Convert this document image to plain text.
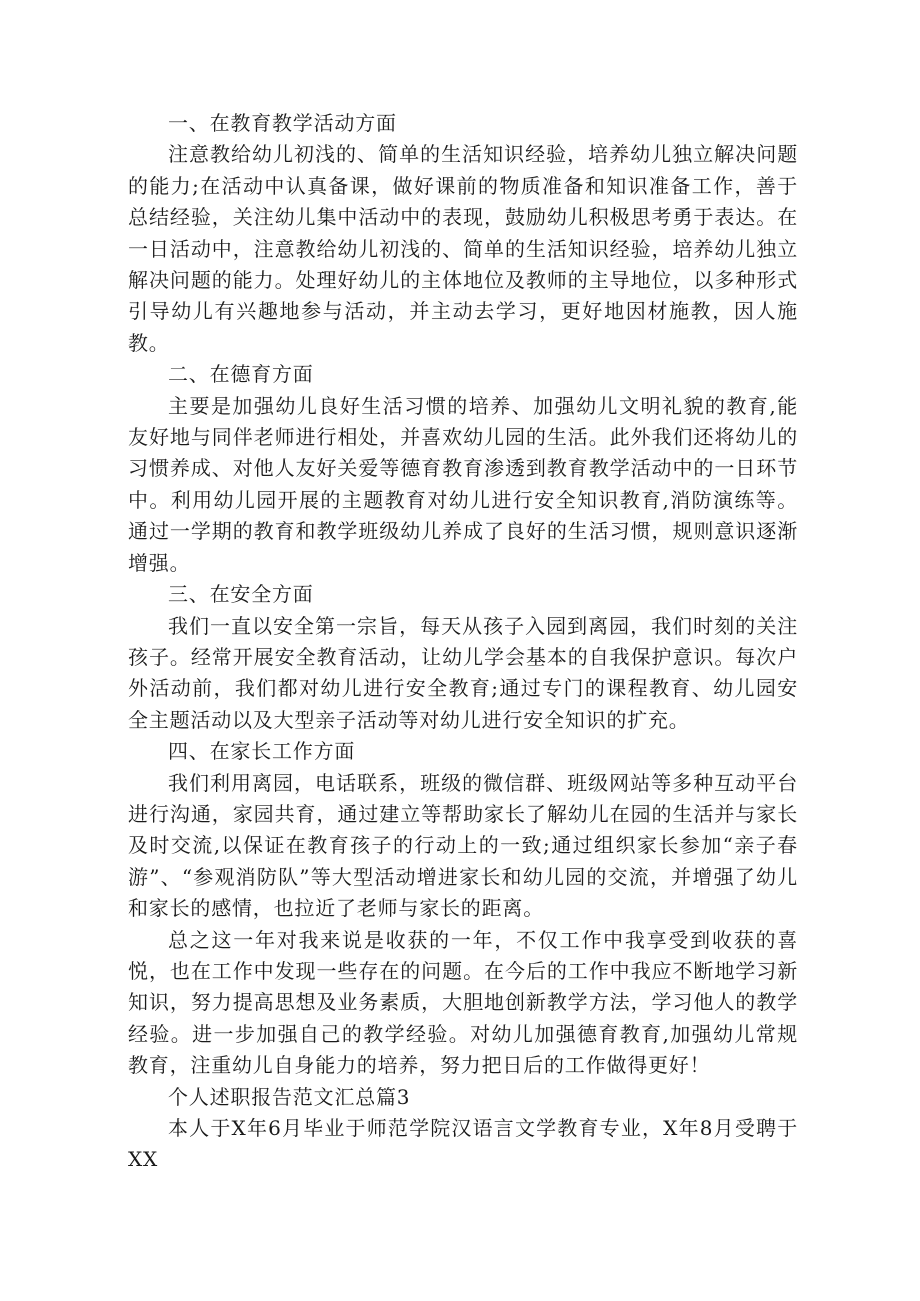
一、在教育教学活动方面

注意教给幼儿初浅的、简单的生活知识经验，培养幼儿独立解决问题的能力;在活动中认真备课，做好课前的物质准备和知识准备工作，善于总结经验，关注幼儿集中活动中的表现，鼓励幼儿积极思考勇于表达。在一日活动中，注意教给幼儿初浅的、简单的生活知识经验，培养幼儿独立解决问题的能力。处理好幼儿的主体地位及教师的主导地位，以多种形式引导幼儿有兴趣地参与活动，并主动去学习，更好地因材施教，因人施教。

二、在德育方面

主要是加强幼儿良好生活习惯的培养、加强幼儿文明礼貌的教育,能友好地与同伴老师进行相处，并喜欢幼儿园的生活。此外我们还将幼儿的习惯养成、对他人友好关爱等德育教育渗透到教育教学活动中的一日环节中。利用幼儿园开展的主题教育对幼儿进行安全知识教育,消防演练等。通过一学期的教育和教学班级幼儿养成了良好的生活习惯，规则意识逐渐增强。

三、在安全方面

我们一直以安全第一宗旨，每天从孩子入园到离园，我们时刻的关注孩子。经常开展安全教育活动，让幼儿学会基本的自我保护意识。每次户外活动前，我们都对幼儿进行安全教育;通过专门的课程教育、幼儿园安全主题活动以及大型亲子活动等对幼儿进行安全知识的扩充。

四、在家长工作方面

我们利用离园，电话联系，班级的微信群、班级网站等多种互动平台进行沟通，家园共育，通过建立等帮助家长了解幼儿在园的生活并与家长及时交流,以保证在教育孩子的行动上的一致;通过组织家长参加“亲子春游”、“参观消防队”等大型活动增进家长和幼儿园的交流，并增强了幼儿和家长的感情，也拉近了老师与家长的距离。

总之这一年对我来说是收获的一年，不仅工作中我享受到收获的喜悦，也在工作中发现一些存在的问题。在今后的工作中我应不断地学习新知识，努力提高思想及业务素质，大胆地创新教学方法，学习他人的教学经验。进一步加强自己的教学经验。对幼儿加强德育教育,加强幼儿常规教育，注重幼儿自身能力的培养，努力把日后的工作做得更好！

个人述职报告范文汇总篇3

本人于X年6月毕业于师范学院汉语言文学教育专业，X年8月受聘于XX
